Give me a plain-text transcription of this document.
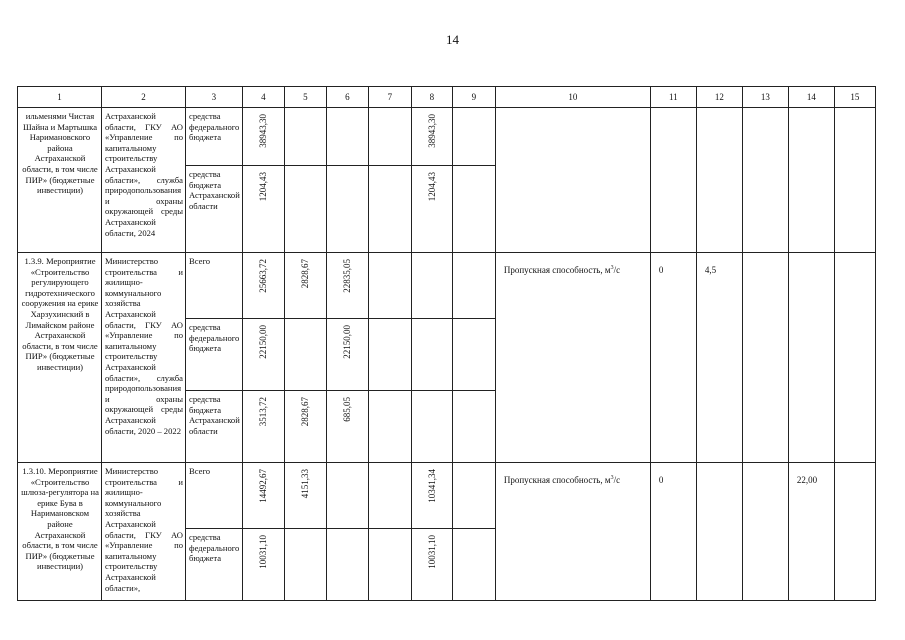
14
1	2	3	4	5	6	7	8	9	10	11	12	13	14	15

ильменями Чистая Шайна и Мартышка Наримановского района Астраханской области, в том числе ПИР» (бюджетные инвестиции)	Астраханской области, ГКУ АО «Управление по капитальному строительству Астраханской области», служба природопользования и охраны окружающей среды Астраханской области, 2024	средства федерального бюджета	38943,30				38943,30							

		средства бюджета Астраханской области	1204,43				1204,43							

1.3.9. Мероприятие «Строительство регулирующего гидротехнического сооружения на ерике Харзухинский в Лимайском районе Астраханской области, в том числе ПИР» (бюджетные инвестиции)	Министерство строительства и жилищно-коммунального хозяйства Астраханской области, ГКУ АО «Управление по капитальному строительству Астраханской области», служба природопользования и охраны окружающей среды Астраханской области, 2020 – 2022	Всего	25663,72	2828,67	22835,05				Пропускная способность, $м^3/с$	0	4,5			

		средства федерального бюджета	22150,00		22150,00									

		средства бюджета Астраханской области	3513,72	2828,67	685,05									

1.3.10. Мероприятие «Строительство шлюза-регулятора на ерике Бува в Наримановском районе Астраханской области, в том числе ПИР» (бюджетные инвестиции)	Министерство строительства и жилищно-коммунального хозяйства Астраханской области, ГКУ АО «Управление по капитальному строительству Астраханской области»,	Всего	14492,67	4151,33			10341,34		Пропускная способность, $м^3/с$	0			22,00	

		средства федерального бюджета	10031,10				10031,10							
